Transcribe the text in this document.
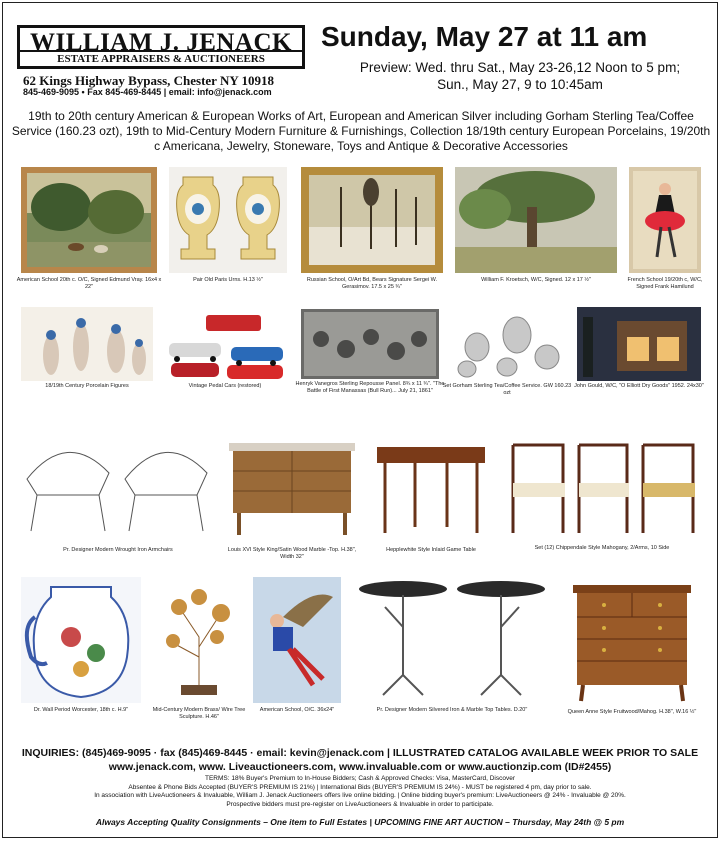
WILLIAM J. JENACK
ESTATE APPRAISERS & AUCTIONEERS
62 Kings Highway Bypass, Chester NY 10918
845-469-9095 • Fax 845-469-8445 | email: info@jenack.com
Sunday, May 27 at 11 am
Preview: Wed. thru Sat., May 23-26,12 Noon to 5 pm;
Sun., May 27, 9 to 10:45am
19th to 20th century American & European Works of Art, European and American Silver including Gorham Sterling Tea/Coffee Service (160.23 ozt), 19th to Mid-Century Modern Furniture & Furnishings, Collection 18/19th century European Porcelains, 19/20th c Americana, Jewelry, Stoneware, Toys and Antique & Decorative Accessories
American School 20th c. O/C, Signed Edmund Vray. 16x4 x 22"
Pair Old Paris Urns. H.13 ½"	Russian School, O/Art Bd, Bears Signature Sergei W. Gerasimov. 17.5 x 25 ¾"
William F. Kroetsch, W/C, Signed. 12 x 17 ½"	French School 19/20th c, W/C, Signed Frank Hamilund
18/19th Century Porcelain Figures	Vintage Pedal Cars (restored)	Henryk Vanegros Sterling Repousse Panel. 8¾ x 11 ¾". "The Battle of First Manassas (Bull Run)... July 21, 1861"
Set Gorham Sterling Tea/Coffee Service. GW 160.23 ozt
John Gould, W/C, "O Elliott Dry Goods" 1952. 24x30"
Pr. Designer Modern Wrought Iron Armchairs	Louis XVI Style King/Satin Wood Marble -Top. H.38", Width 32"
Hepplewhite Style Inlaid Game Table	Set (12) Chippendale Style Mahogany, 2/Arms, 10 Side
Dr. Wall Period Worcester, 18th c. H.9"	Mid-Century Modern Brass/ Wire Tree Sculpture. H.46"
American School, O/C. 36x24"	Pr. Designer Modern Silvered Iron & Marble Top Tables. D.20"	Queen Anne Style Fruitwood/Mahog. H.38", W.16 ½"
INQUIRIES: (845)469-9095 · fax (845)469-8445 · email: kevin@jenack.com | ILLUSTRATED CATALOG AVAILABLE WEEK PRIOR TO SALE
www.jenack.com, www. Liveauctioneers.com, www.invaluable.com or www.auctionzip.com (ID#2455)
TERMS: 18% Buyer's Premium to In-House Bidders; Cash & Approved Checks: Visa, MasterCard, Discover
Absentee & Phone Bids Accepted (BUYER'S PREMIUM IS 21%) | International Bids (BUYER'S PREMIUM IS 24%) - MUST be registered 4 pm, day prior to sale.
In association with LiveAuctioneers & Invaluable, William J. Jenack Auctioneers offers live online bidding. | Online bidding buyer's premium: LiveAuctioneers @ 24% - Invaluable @ 20%.
Prospective bidders must pre-register on LiveAuctioneers & Invaluable in order to participate.
Always Accepting Quality Consignments – One item to Full Estates | UPCOMING FINE ART AUCTION – Thursday, May 24th @ 5 pm
